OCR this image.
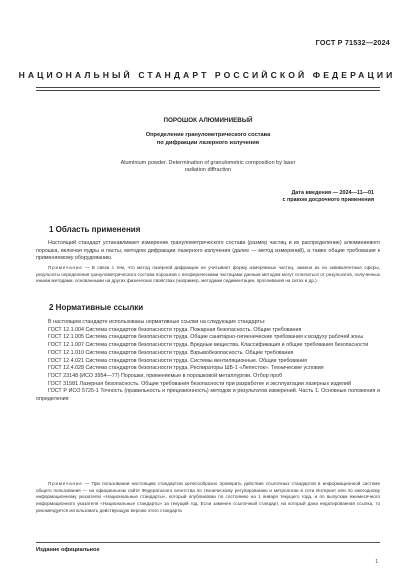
ГОСТ Р 71532—2024
НАЦИОНАЛЬНЫЙ СТАНДАРТ РОССИЙСКОЙ ФЕДЕРАЦИИ
ПОРОШОК АЛЮМИНИЕВЫЙ
Определение гранулометрического состава
по дифракции лазерного излучения
Aluminium powder. Determination of granulometric composition by laser
radiation diffraction
Дата введения — 2024—11—01
с правом досрочного применения
1 Область применения

Настоящий стандарт устанавливает измерение гранулометрического состава (размер частиц и их распределение) алюминиевого порошка, включая пудры и пасты, методом дифракции лазерного излучения (далее — метод измерений), а также общие требования к применяемому оборудованию.

Примечание — В связи с тем, что метод лазерной дифракции не учитывает форму измеряемых частиц, замена их на эквивалентные сферы, результаты определения гранулометрического состава порошков с несферическими частицами данным методом могут отличаться от результатов, полученных иными методами, основанными на других физических свойствах (например, методами седиментации, просеивания на ситах и др.).

2 Нормативные ссылки

В настоящем стандарте использованы нормативные ссылки на следующие стандарты:

ГОСТ 12.1.004 Система стандартов безопасности труда. Пожарная безопасность. Общие требования

ГОСТ 12.1.005 Система стандартов безопасности труда. Общие санитарно-гигиенические требования к воздуху рабочей зоны

ГОСТ 12.1.007 Система стандартов безопасности труда. Вредные вещества. Классификация и общие требования безопасности

ГОСТ 12.1.010 Система стандартов безопасности труда. Взрывобезопасность. Общие требования

ГОСТ 12.4.021 Система стандартов безопасности труда. Системы вентиляционные. Общие требования

ГОСТ 12.4.028 Система стандартов безопасности труда. Респираторы ШБ-1 «Лепесток». Технические условия

ГОСТ 23148 (ИСО 3954—77) Порошки, применяемые в порошковой металлургии. Отбор проб

ГОСТ 31581 Лазерная безопасность. Общие требования безопасности при разработке и эксплуатации лазерных изделий

ГОСТ Р ИСО 5725-1 Точность (правильность и прецизионность) методов и результатов измерений. Часть 1. Основные положения и определения

Примечание — При пользовании настоящим стандартом целесообразно проверить действие ссылочных стандартов в информационной системе общего пользования — на официальном сайте Федерального агентства по техническому регулированию и метрологии в сети Интернет или по ежегодному информационному указателю «Национальные стандарты», который опубликован по состоянию на 1 января текущего года, и по выпускам ежемесячного информационного указателя «Национальные стандарты» за текущий год. Если заменен ссылочный стандарт, на который дана недатированная ссылка, то рекомендуется использовать действующую версию этого стандарта

Издание официальное
1
